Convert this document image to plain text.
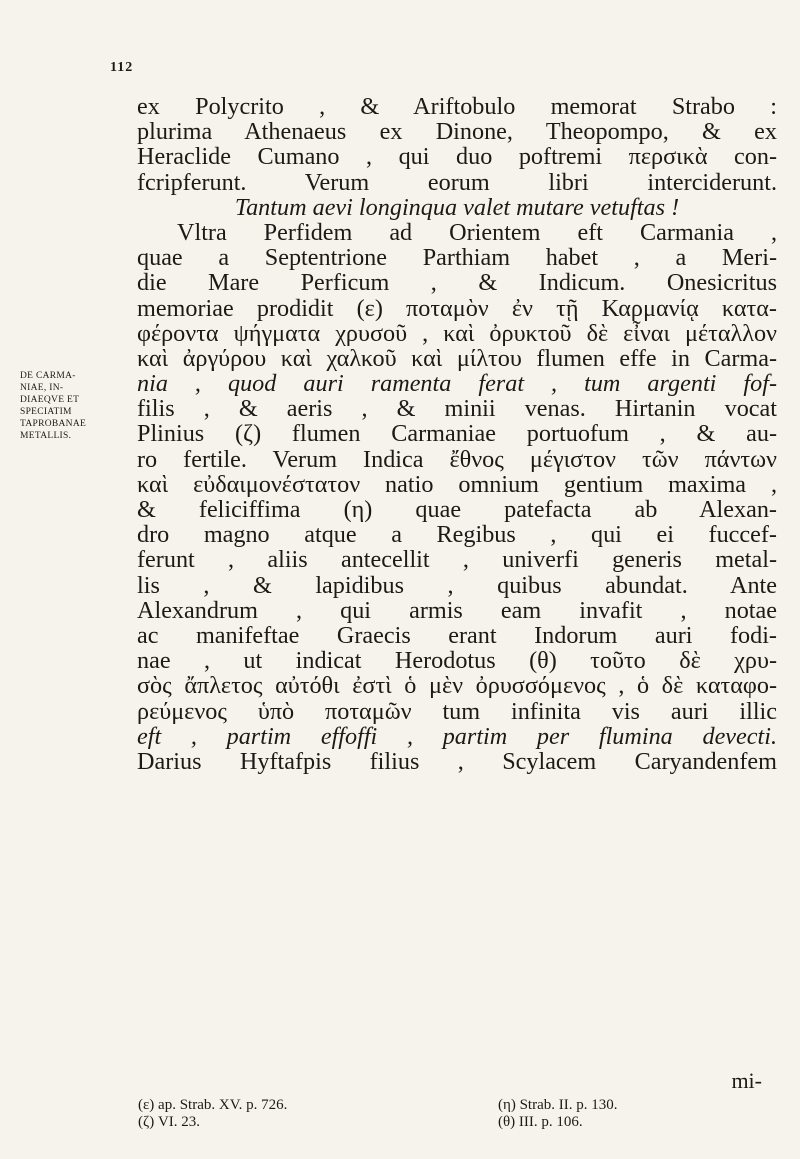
112
DE CARMA-
NIAE, IN-
DIAEQVE ET
SPECIATIM
TAPROBANAE
METALLIS.
ex Polycrito , & Ariftobulo memorat Strabo :
plurima Athenaeus ex Dinone, Theopompo, & ex
Heraclide Cumano , qui duo poftremi περσικὰ con-
fcripferunt. Verum eorum libri interciderunt.
Tantum aevi longinqua valet mutare vetuftas !
Vltra Perfidem ad Orientem eft Carmania ,
quae a Septentrione Parthiam habet , a Meri-
die Mare Perficum , & Indicum. Onesicritus
memoriae prodidit (ε) ποταμὸν ἐν τῇ Καρμανίᾳ κατα-
φέροντα ψήγματα χρυσοῦ , καὶ ὀρυκτοῦ δὲ εἶναι μέταλλον
καὶ ἀργύρου καὶ χαλκοῦ καὶ μίλτου flumen effe in Carma-
nia , quod auri ramenta ferat , tum argenti fof-
filis , & aeris , & minii venas. Hirtanin vocat
Plinius (ζ) flumen Carmaniae portuofum , & au-
ro fertile. Verum Indica ἔθνος μέγιστον τῶν πάντων
καὶ εὐδαιμονέστατον natio omnium gentium maxima ,
& feliciffima (η) quae patefacta ab Alexan-
dro magno atque a Regibus , qui ei fuccef-
ferunt , aliis antecellit , univerfi generis metal-
lis , & lapidibus , quibus abundat. Ante
Alexandrum , qui armis eam invafit , notae
ac manifeftae Graecis erant Indorum auri fodi-
nae , ut indicat Herodotus (θ) τοῦτο δὲ χρυ-
σὸς ἄπλετος αὐτόθι ἐστὶ ὁ μὲν ὀρυσσόμενος , ὁ δὲ καταφο-
ρεύμενος ὑπὸ ποταμῶν tum infinita vis auri illic
eft , partim effoffi , partim per flumina devecti.
Darius Hyftafpis filius , Scylacem Caryandenfem
mi-
(ε) ap. Strab. XV. p. 726.
(ζ) VI. 23.
(η) Strab. II. p. 130.
(θ) III. p. 106.
